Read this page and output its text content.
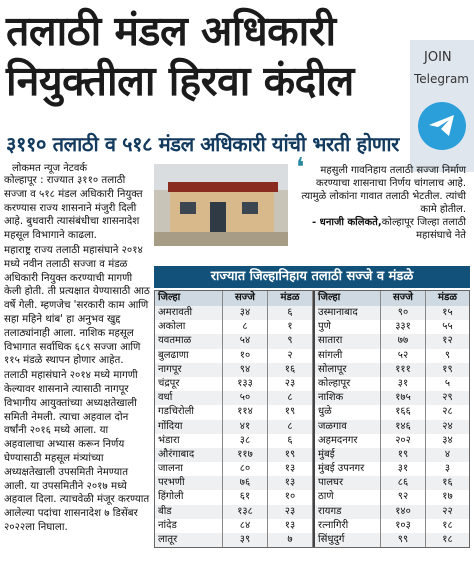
तलाठी मंडल अधिकारी
नियुक्तीला हिरवा कंदील	JOIN
Telegram
३११० तलाठी व ५१८ मंडल अधिकारी यांची भरती होणार
लोकमत न्यूज नेटवर्क

कोल्हापूर : राज्यात ३११० तलाठी सज्जा व ५१८ मंडल अधिकारी नियुक्त करण्यास राज्य शासनाने मंजुरी दिली आहे. बुधवारी त्यासंबंधीचा शासनादेश महसूल विभागाने काढला.

महाराष्ट्र राज्य तलाठी महासंघाने २०१४ मध्ये नवीन तलाठी सज्जा व मंडळ अधिकारी नियुक्त करण्याची मागणी केली होती. ती प्रत्यक्षात येण्यासाठी आठ वर्षे गेली. म्हणजेच 'सरकारी काम आणि सहा महिने थांब' हा अनुभव खुद्द तलाठ्यांनाही आला. नाशिक महसूल विभागात सर्वाधिक ६८९ सज्जा आणि ११५ मंडळे स्थापन होणार आहेत.

तलाठी महासंघाने २०१४ मध्ये मागणी केल्यावर शासनाने त्यासाठी नागपूर विभागीय आयुक्तांच्या अध्यक्षतेखाली समिती नेमली. त्याचा अहवाल दोन वर्षांनी २०१६ मध्ये आला. या अहवालाचा अभ्यास करून निर्णय घेण्यासाठी महसूल मंत्र्यांच्या अध्यक्षतेखाली उपसमिती नेमण्यात आली. या उपसमितीने २०१७ मध्ये अहवाल दिला. त्याचवेळी मंजूर करण्यात आलेल्या पदांचा शासनादेश ७ डिसेंबर २०२२ला निघाला.

❛	महसुली गावनिहाय तलाठी सज्जा निर्माण करण्याचा शासनाचा निर्णय चांगलाच आहे. त्यामुळे लोकांना गावात तलाठी भेटतील. त्यांची कामे होतील.
- धनाजी कलिकते,कोल्हापूर जिल्हा तलाठी महासंघाचे नेते
राज्यात जिल्हानिहाय तलाठी सज्जे व मंडळे
जिल्हा	सज्जे	मंडळ	जिल्हा	सज्जे	मंडळ
अमरावती	३४	६	उस्मानाबाद	९०	१५
अकोला	८	१	पुणे	३३१	५५
यवतमाळ	५४	९	सातारा	७७	१२
बुलढाणा	१०	२	सांगली	५२	९
नागपूर	९४	१६	सोलापूर	१११	१९
चंद्रपूर	१३३	२३	कोल्हापूर	३१	५
वर्धा	५०	८	नाशिक	१७५	२९
गडचिरोली	११४	१९	धुळे	१६६	२८
गोंदिया	४१	८	जळगाव	१४६	२४
भंडारा	३८	६	अहमदनगर	२०२	३४
औरंगाबाद	११७	१९	मुंबई	१९	४
जालना	८०	१३	मुंबई उपनगर	३१	३
परभणी	७६	१३	पालघर	८६	१६
हिंगोली	६१	१०	ठाणे	९२	१७
बीड	१३८	२३	रायगड	१४०	२२
नांदेड	८४	१३	रत्नागिरी	१०३	१८
लातूर	३९	७	सिंधुदुर्ग	९९	१८
